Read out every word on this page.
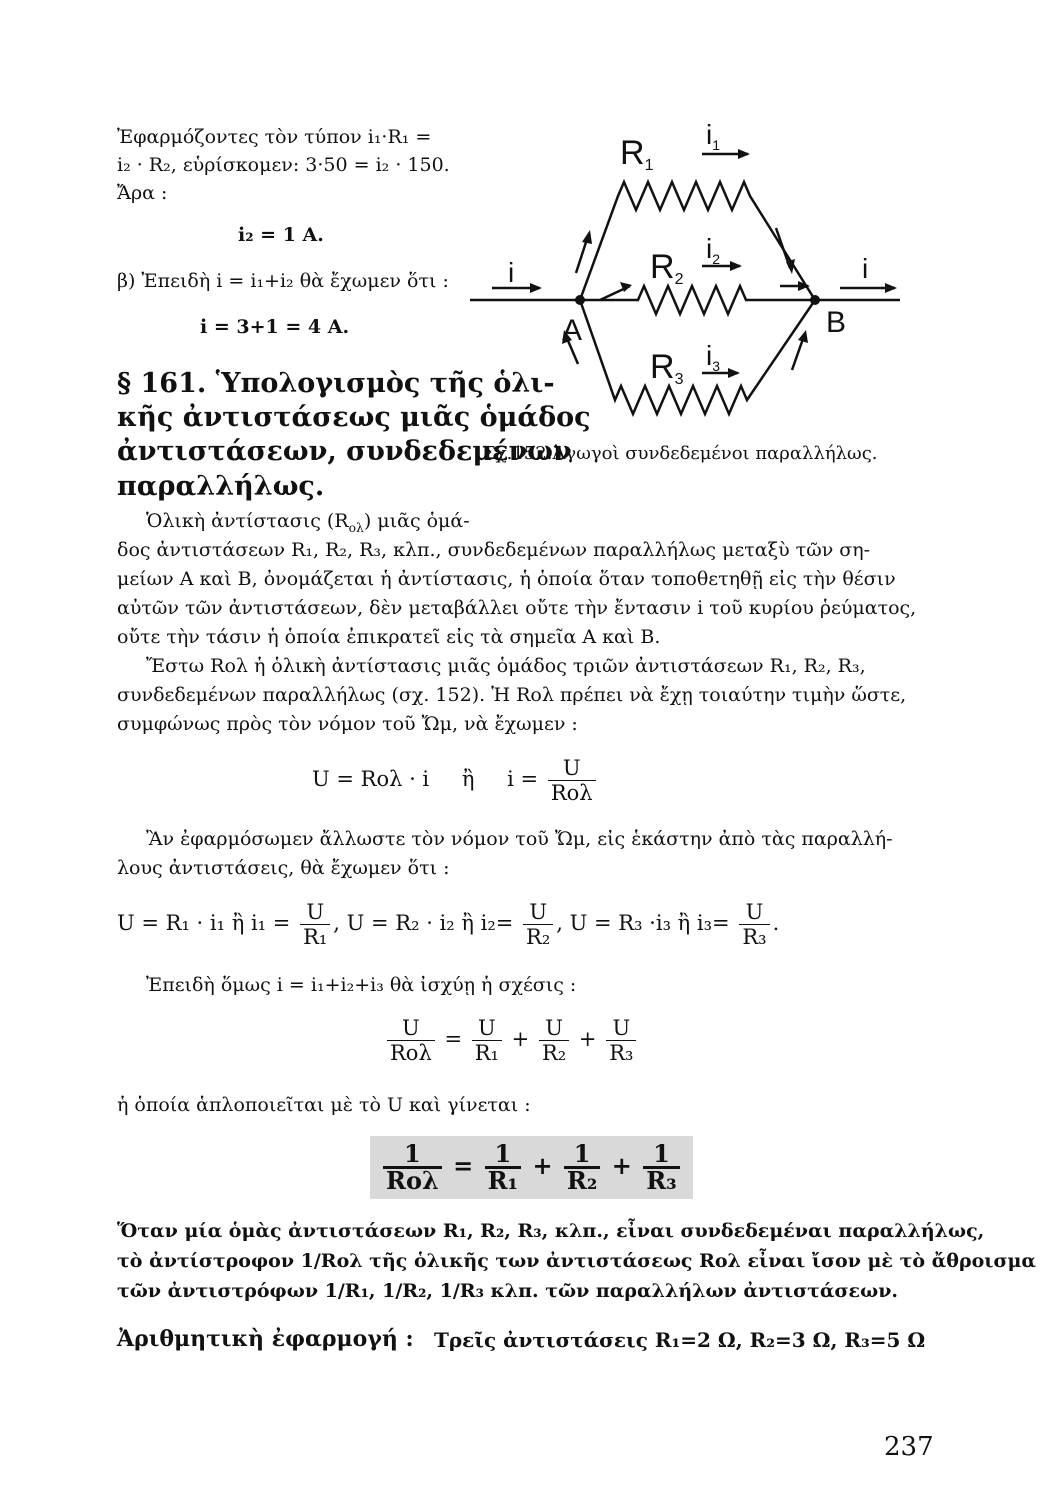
Ἐφαρμόζοντες τὸν τύπον i₁·R₁ =
i₂ · R₂, εὑρίσκομεν: 3·50 = i₂ · 150.
Ἄρα :
i₂ = 1 A.
β) Ἐπειδὴ i = i₁+i₂ θὰ ἔχωμεν ὅτι :
i = 3+1 = 4 A.
§ 161. Ὑπολογισμὸς τῆς ὁλι-
κῆς ἀντιστάσεως μιᾶς ὁμάδος
ἀντιστάσεων, συνδεδεμένων
παραλλήλως.
R1
$i_1$
R2
$i_2$
R3
$i_3$
i	i
A	B
Σχ.152.Ἀγωγοὶ συνδεδεμένοι παραλλήλως.
Ὁλικὴ ἀντίστασις $(R_{o\lambda})$ μιᾶς ὁμά-
δος ἀντιστάσεων R₁, R₂, R₃, κλπ., συνδεδεμένων παραλλήλως μεταξὺ τῶν ση-
μείων A καὶ B, ὀνομάζεται ἡ ἀντίστασις, ἡ ὁποία ὅταν τοποθετηθῇ εἰς τὴν θέσιν
αὐτῶν τῶν ἀντιστάσεων, δὲν μεταβάλλει οὔτε τὴν ἔντασιν i τοῦ κυρίου ῥεύματος,
οὔτε τὴν τάσιν ἡ ὁποία ἐπικρατεῖ εἰς τὰ σημεῖα A καὶ B.
Ἔστω Rολ ἡ ὁλικὴ ἀντίστασις μιᾶς ὁμάδος τριῶν ἀντιστάσεων R₁, R₂, R₃,
συνδεδεμένων παραλλήλως (σχ. 152). Ἡ Rολ πρέπει νὰ ἔχῃ τοιαύτην τιμὴν ὥστε,
συμφώνως πρὸς τὸν νόμον τοῦ Ὤμ, νὰ ἔχωμεν :
U = Rολ · i ἢ $i = \frac{U}{\text{Rολ}}$
Ἂν ἐφαρμόσωμεν ἄλλωστε τὸν νόμον τοῦ Ὤμ, εἰς ἑκάστην ἀπὸ τὰς παραλλή-
λους ἀντιστάσεις, θὰ ἔχωμεν ὅτι :
U = R₁ · i₁ ἢ $i_1 = \frac{U}{\text{R₁}}$ , U = R₂ · i₂ ἢ $i_2= \frac{U}{\text{R₂}}$ , U = R₃ ·i₃ ἢ $i_3= \frac{U}{\text{R₃}}$ .
Ἐπειδὴ ὅμως i = i₁+i₂+i₃ θὰ ἰσχύῃ ἡ σχέσις :
$\frac{U}{\text{Rολ}} = \frac{U}{\text{R₁}} + \frac{U}{\text{R₂}} + \frac{U}{\text{R₃}}$
ἡ ὁποία ἁπλοποιεῖται μὲ τὸ U καὶ γίνεται :
$\frac{1}{\text{Rολ}} = \frac{1}{\text{R₁}} + \frac{1}{\text{R₂}} + \frac{1}{\text{R₃}}$
Ὅταν μία ὁμὰς ἀντιστάσεων R₁, R₂, R₃, κλπ., εἶναι συνδεδεμέναι παραλλήλως,
τὸ ἀντίστροφον 1/Rολ τῆς ὁλικῆς των ἀντιστάσεως Rολ εἶναι ἴσον μὲ τὸ ἄθροισμα
τῶν ἀντιστρόφων 1/R₁, 1/R₂, 1/R₃ κλπ. τῶν παραλλήλων ἀντιστάσεων.
Ἀριθμητικὴ ἐφαρμογή : Τρεῖς ἀντιστάσεις R₁=2 Ω, R₂=3 Ω, R₃=5 Ω
237
